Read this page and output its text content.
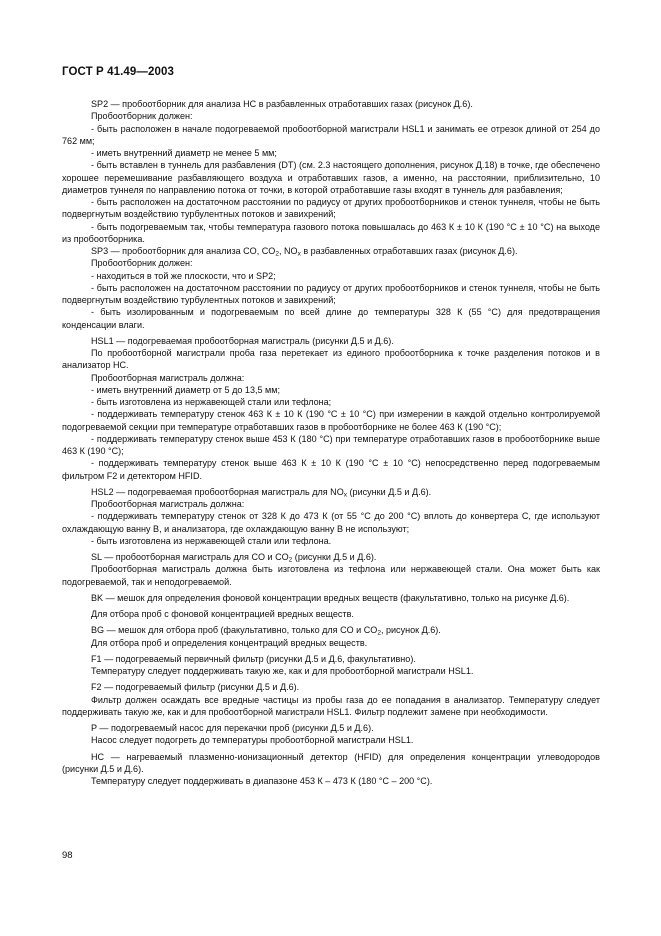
ГОСТ Р 41.49—2003

SP2 — пробоотборник для анализа HC в разбавленных отработавших газах (рисунок Д.6).

Пробоотборник должен:

- быть расположен в начале подогреваемой пробоотборной магистрали HSL1 и занимать ее отрезок длиной от 254 до 762 мм;

- иметь внутренний диаметр не менее 5 мм;

- быть вставлен в туннель для разбавления (DT) (см. 2.3 настоящего дополнения, рисунок Д.18) в точке, где обеспечено хорошее перемешивание разбавляющего воздуха и отработавших газов, а именно, на расстоянии, приблизительно, 10 диаметров туннеля по направлению потока от точки, в которой отработавшие газы входят в туннель для разбавления;

- быть расположен на достаточном расстоянии по радиусу от других пробоотборников и стенок туннеля, чтобы не быть подвергнутым воздействию турбулентных потоков и завихрений;

- быть подогреваемым так, чтобы температура газового потока повышалась до 463 К ± 10 К (190 °С ± 10 °С) на выходе из пробоотборника.

SP3 — пробоотборник для анализа CO, $CO_2$, $NO_x$ в разбавленных отработавших газах (рисунок Д.6).

Пробоотборник должен:

- находиться в той же плоскости, что и SP2;

- быть расположен на достаточном расстоянии по радиусу от других пробоотборников и стенок туннеля, чтобы не быть подвергнутым воздействию турбулентных потоков и завихрений;

- быть изолированным и подогреваемым по всей длине до температуры 328 К (55 °С) для предотвращения конденсации влаги.

HSL1 — подогреваемая пробоотборная магистраль (рисунки Д.5 и Д.6).

По пробоотборной магистрали проба газа перетекает из единого пробоотборника к точке разделения потоков и в анализатор HC.

Пробоотборная магистраль должна:

- иметь внутренний диаметр от 5 до 13,5 мм;

- быть изготовлена из нержавеющей стали или тефлона;

- поддерживать температуру стенок 463 К ± 10 К (190 °С ± 10 °С) при измерении в каждой отдельно контролируемой подогреваемой секции при температуре отработавших газов в пробоотборнике не более 463 К (190 °С);

- поддерживать температуру стенок выше 453 К (180 °С) при температуре отработавших газов в пробоотборнике выше 463 К (190 °С);

- поддерживать температуру стенок выше 463 К ± 10 К (190 °С ± 10 °С) непосредственно перед подогреваемым фильтром F2 и детектором HFID.

HSL2 — подогреваемая пробоотборная магистраль для $NO_x$ (рисунки Д.5 и Д.6).

Пробоотборная магистраль должна:

- поддерживать температуру стенок от 328 К до 473 К (от 55 °С до 200 °С) вплоть до конвертера C, где используют охлаждающую ванну B, и анализатора, где охлаждающую ванну B не используют;

- быть изготовлена из нержавеющей стали или тефлона.

SL — пробоотборная магистраль для CO и $CO_2$ (рисунки Д.5 и Д.6).

Пробоотборная магистраль должна быть изготовлена из тефлона или нержавеющей стали. Она может быть как подогреваемой, так и неподогреваемой.

BK — мешок для определения фоновой концентрации вредных веществ (факультативно, только на рисунке Д.6).

Для отбора проб с фоновой концентрацией вредных веществ.

BG — мешок для отбора проб (факультативно, только для CO и $CO_2$, рисунок Д.6).

Для отбора проб и определения концентраций вредных веществ.

F1 — подогреваемый первичный фильтр (рисунки Д.5 и Д.6, факультативно).

Температуру следует поддерживать такую же, как и для пробоотборной магистрали HSL1.

F2 — подогреваемый фильтр (рисунки Д.5 и Д.6).

Фильтр должен осаждать все вредные частицы из пробы газа до ее попадания в анализатор. Температуру следует поддерживать такую же, как и для пробоотборной магистрали HSL1. Фильтр подлежит замене при необходимости.

P — подогреваемый насос для перекачки проб (рисунки Д.5 и Д.6).

Насос следует подогреть до температуры пробоотборной магистрали HSL1.

HC — нагреваемый плазменно-ионизационный детектор (HFID) для определения концентрации углеводородов (рисунки Д.5 и Д.6).

Температуру следует поддерживать в диапазоне 453 К – 473 К (180 °С – 200 °С).

98
